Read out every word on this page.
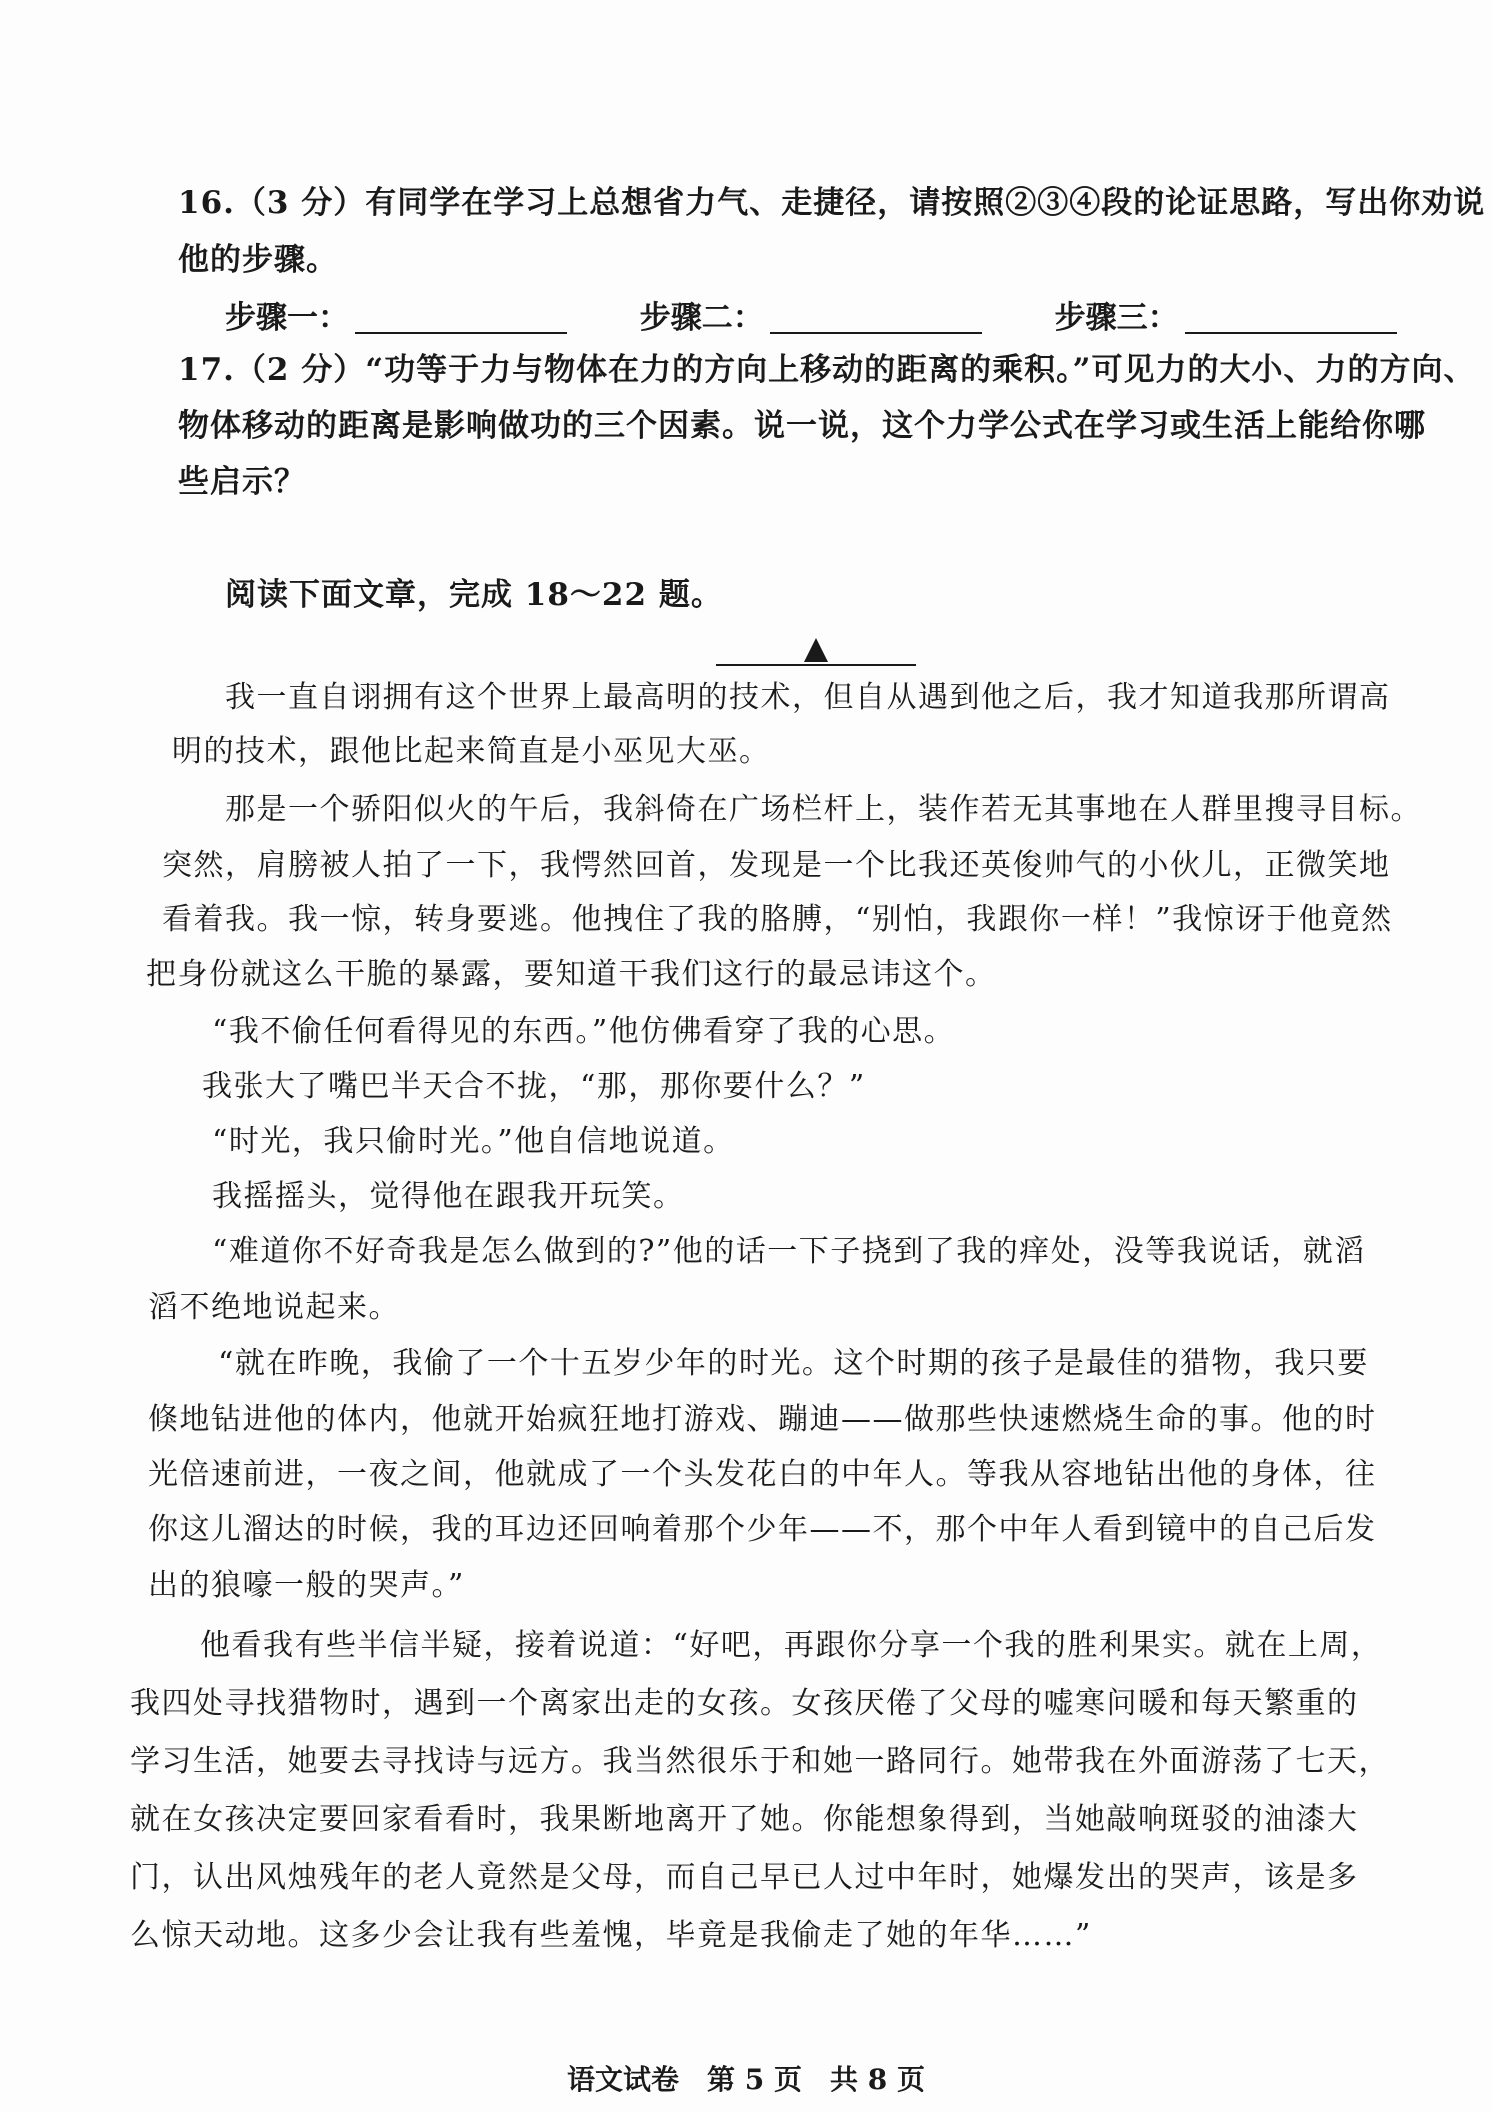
16.（3 分）有同学在学习上总想省力气、走捷径，请按照②③④段的论证思路，写出你劝说
他的步骤。
步骤一：	步骤二：	步骤三：
17.（2 分）“功等于力与物体在力的方向上移动的距离的乘积。”可见力的大小、力的方向、
物体移动的距离是影响做功的三个因素。说一说，这个力学公式在学习或生活上能给你哪
些启示？
阅读下面文章，完成 18～22 题。
我一直自诩拥有这个世界上最高明的技术，但自从遇到他之后，我才知道我那所谓高
明的技术，跟他比起来简直是小巫见大巫。
那是一个骄阳似火的午后，我斜倚在广场栏杆上，装作若无其事地在人群里搜寻目标。
突然，肩膀被人拍了一下，我愕然回首，发现是一个比我还英俊帅气的小伙儿，正微笑地
看着我。我一惊，转身要逃。他拽住了我的胳膊，“别怕，我跟你一样！”我惊讶于他竟然
把身份就这么干脆的暴露，要知道干我们这行的最忌讳这个。
“我不偷任何看得见的东西。”他仿佛看穿了我的心思。
我张大了嘴巴半天合不拢，“那，那你要什么？”
“时光，我只偷时光。”他自信地说道。
我摇摇头，觉得他在跟我开玩笑。
“难道你不好奇我是怎么做到的?”他的话一下子挠到了我的痒处，没等我说话，就滔
滔不绝地说起来。
“就在昨晚，我偷了一个十五岁少年的时光。这个时期的孩子是最佳的猎物，我只要
倏地钻进他的体内，他就开始疯狂地打游戏、蹦迪——做那些快速燃烧生命的事。他的时
光倍速前进，一夜之间，他就成了一个头发花白的中年人。等我从容地钻出他的身体，往
你这儿溜达的时候，我的耳边还回响着那个少年——不，那个中年人看到镜中的自己后发
出的狼嚎一般的哭声。”
他看我有些半信半疑，接着说道：“好吧，再跟你分享一个我的胜利果实。就在上周，
我四处寻找猎物时，遇到一个离家出走的女孩。女孩厌倦了父母的嘘寒问暖和每天繁重的
学习生活，她要去寻找诗与远方。我当然很乐于和她一路同行。她带我在外面游荡了七天，
就在女孩决定要回家看看时，我果断地离开了她。你能想象得到，当她敲响斑驳的油漆大
门，认出风烛残年的老人竟然是父母，而自己早已人过中年时，她爆发出的哭声，该是多
么惊天动地。这多少会让我有些羞愧，毕竟是我偷走了她的年华……”
语文试卷　第 5 页　共 8 页
